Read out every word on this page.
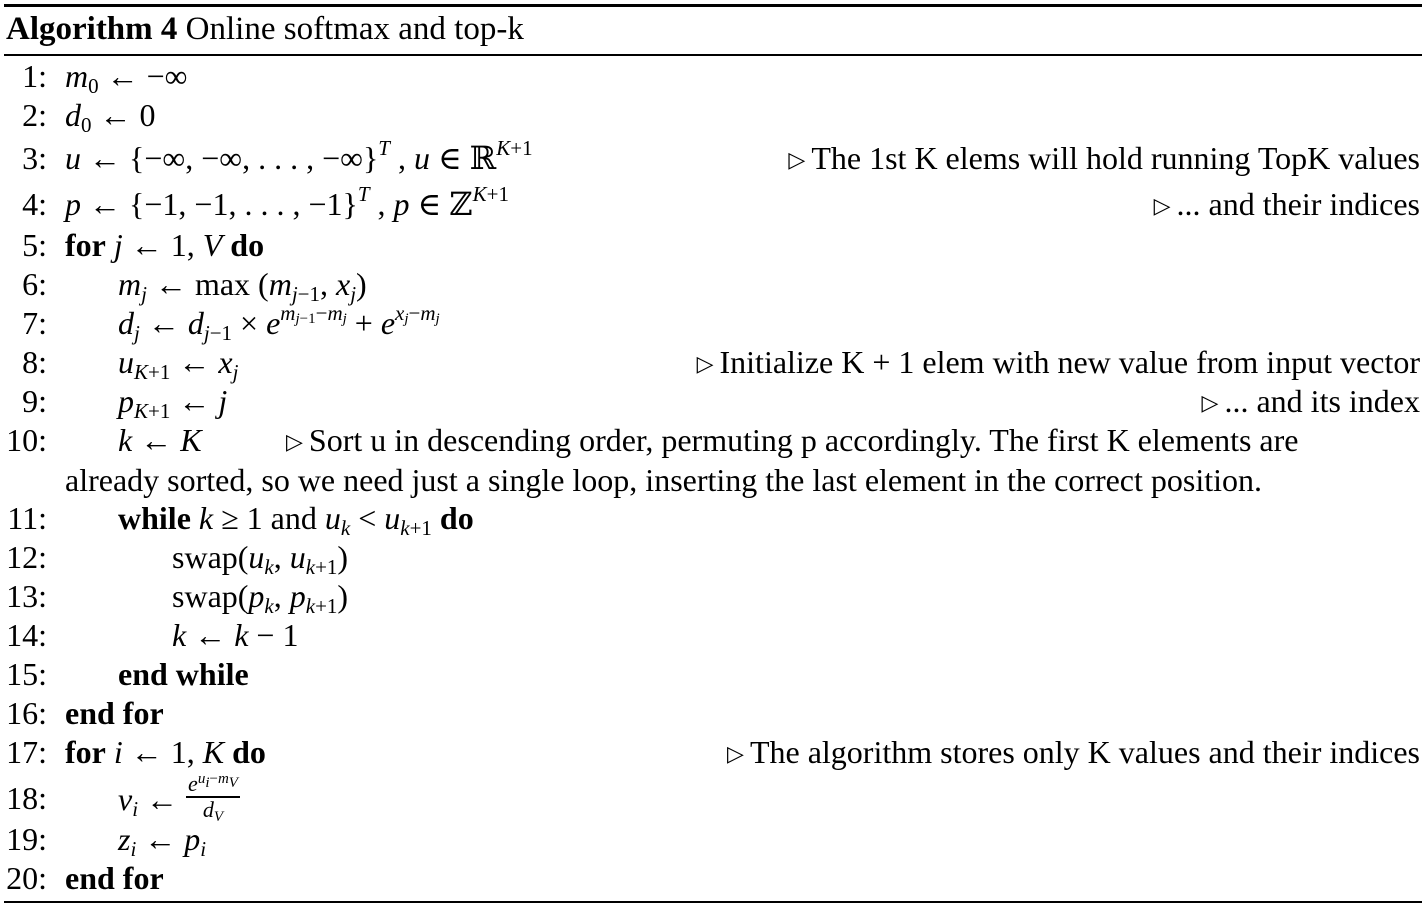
Algorithm 4 Online softmax and top-k
1: $m_0$ ← −∞
2: $d_0$ ← 0
3: u ← {−∞, −∞, . . . , −∞}$^T$ , u ∈ ℝ$^{K+1}$	▷ The 1st K elems will hold running TopK values
4: p ← {−1, −1, . . . , −1}$^T$ , p ∈ ℤ$^{K+1}$	▷ ... and their indices
5: for j ← 1, V do
6: $m_j$ ← $\max (m_{j-1}$, $x_j$)
7: $d_j$ ← $d_{j-1} \times e^{m_{j-1}-m_j} + e^{x_j-m_j}$
8: $u_{K+1}$ ← $x_j$	▷ Initialize K + 1 elem with new value from input vector
9: $p_{K+1}$ ← j	▷ ... and its index
10: k ← K	▷ Sort u in descending order, permuting p accordingly. The first K elements are
already sorted, so we need just a single loop, inserting the last element in the correct position.
11: while k ≥ 1 and $u_k < u_{k+1}$ do
12:	$swap(u_k$, $u_{k+1}$)
13:	$swap(p_k$, $p_{k+1}$)
14:	k ← k − 1
15: end while
16: end for
17: for i ← 1, K do	▷ The algorithm stores only K values and their indices
18: $v_i$ ← $\frac{e^{u_i-m_V}}{d_V}$
19: $z_i$ ← $p_i$
20: end for
